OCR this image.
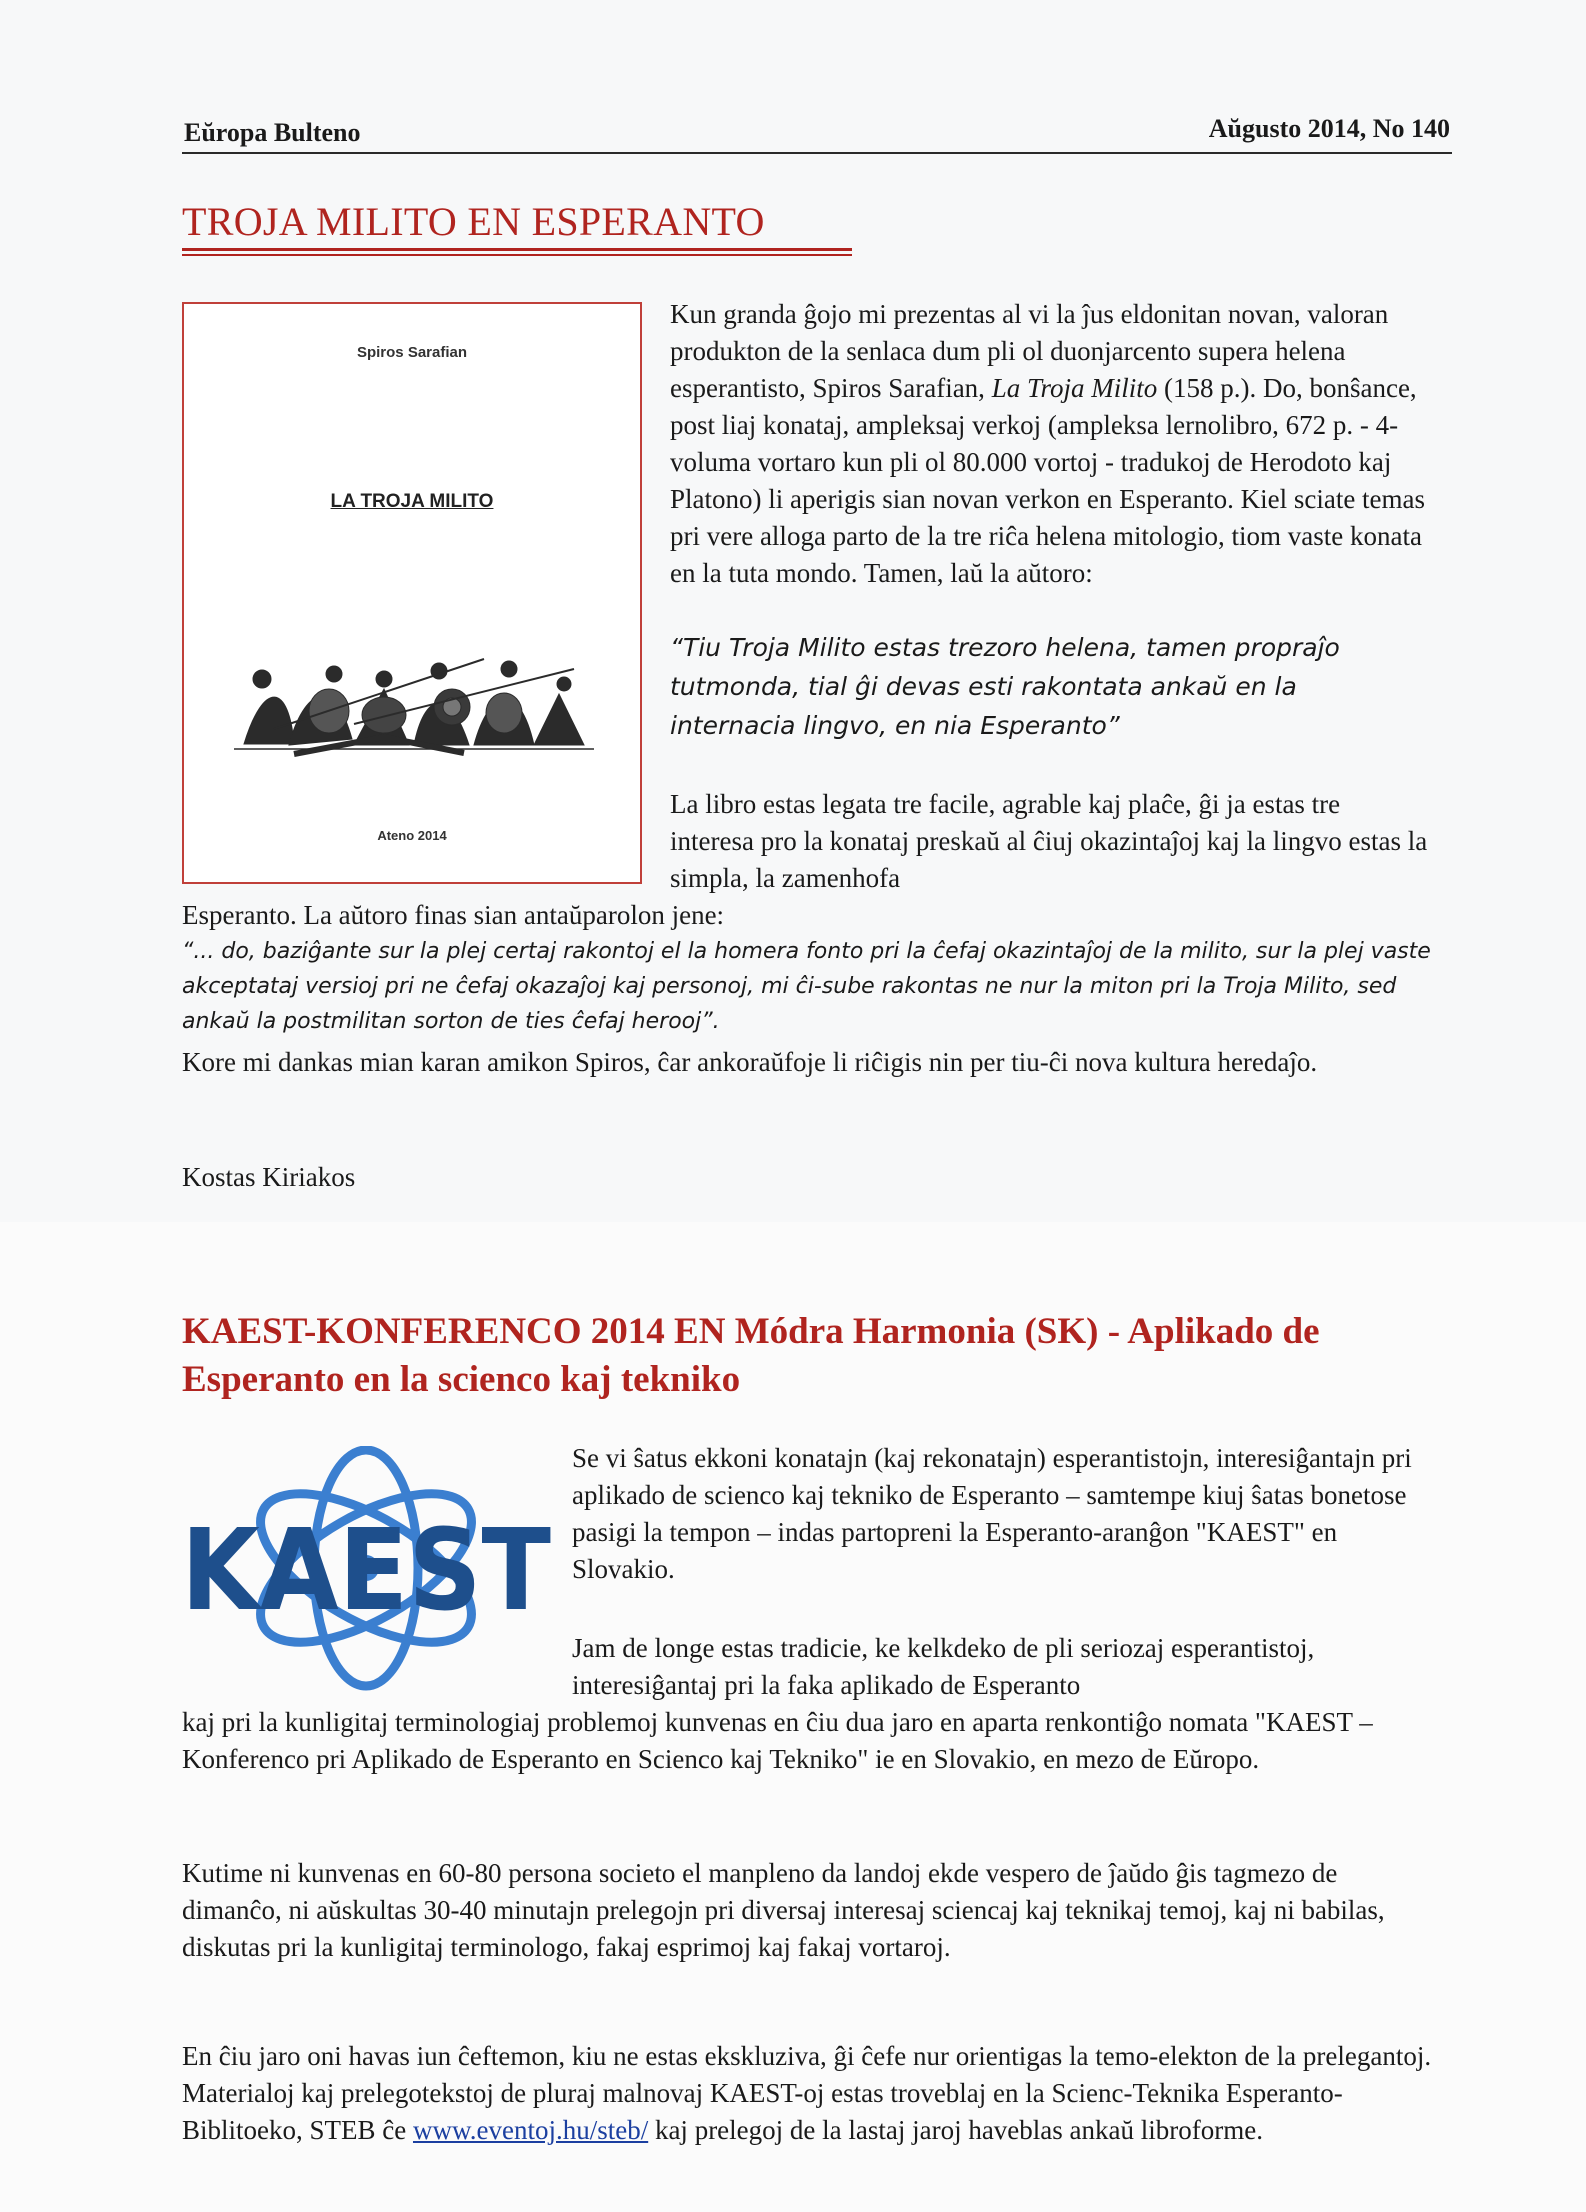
Eŭropa Bulteno	Aŭgusto 2014, No 140
TROJA MILITO EN ESPERANTO
Spiros Sarafian
LA TROJA MILITO
Ateno 2014

Kun granda ĝojo mi prezentas al vi la ĵus eldonitan novan, valoran produkton de la senlaca dum pli ol duonjarcento supera helena esperantisto, Spiros Sarafian, La Troja Milito (158 p.). Do, bonŝance, post liaj konataj, ampleksaj verkoj (ampleksa lernolibro, 672 p. - 4-voluma vortaro kun pli ol 80.000 vortoj - tradukoj de Herodoto kaj Platono) li aperigis sian novan verkon en Esperanto. Kiel sciate temas pri vere alloga parto de la tre riĉa helena mitologio, tiom vaste konata en la tuta mondo. Tamen, laŭ la aŭtoro:

“Tiu Troja Milito estas trezoro helena, tamen propraĵo tutmonda, tial ĝi devas esti rakontata ankaŭ en la internacia lingvo, en nia Esperanto”

La libro estas legata tre facile, agrable kaj plaĉe, ĝi ja estas tre interesa pro la konataj preskaŭ al ĉiuj okazintaĵoj kaj la lingvo estas la simpla, la zamenhofa

Esperanto. La aŭtoro finas sian antaŭparolon jene:

“... do, baziĝante sur la plej certaj rakontoj el la homera fonto pri la ĉefaj okazintaĵoj de la milito, sur la plej vaste akceptataj versioj pri ne ĉefaj okazaĵoj kaj personoj, mi ĉi-sube rakontas ne nur la miton pri la Troja Milito, sed ankaŭ la postmilitan sorton de ties ĉefaj herooj”.

Kore mi dankas mian karan amikon Spiros, ĉar ankoraŭfoje li riĉigis nin per tiu-ĉi nova kultura heredaĵo.

Kostas Kiriakos

KAEST-KONFERENCO 2014 EN Módra Harmonia (SK) - Aplikado de Esperanto en la scienco kaj tekniko
KAEST

Se vi ŝatus ekkoni konatajn (kaj rekonatajn) esperantistojn, interesiĝantajn pri aplikado de scienco kaj tekniko de Esperanto – samtempe kiuj ŝatas bonetose pasigi la tempon – indas partopreni la Esperanto-aranĝon "KAEST" en Slovakio.

Jam de longe estas tradicie, ke kelkdeko de pli seriozaj esperantistoj, interesiĝantaj pri la faka aplikado de Esperanto

kaj pri la kunligitaj terminologiaj problemoj kunvenas en ĉiu dua jaro en aparta renkontiĝo nomata "KAEST – Konferenco pri Aplikado de Esperanto en Scienco kaj Tekniko" ie en Slovakio, en mezo de Eŭropo.

Kutime ni kunvenas en 60-80 persona societo el manpleno da landoj ekde vespero de ĵaŭdo ĝis tagmezo de dimanĉo, ni aŭskultas 30-40 minutajn prelegojn pri diversaj interesaj sciencaj kaj teknikaj temoj, kaj ni babilas, diskutas pri la kunligitaj terminologo, fakaj esprimoj kaj fakaj vortaroj.

En ĉiu jaro oni havas iun ĉeftemon, kiu ne estas ekskluziva, ĝi ĉefe nur orientigas la temo-elekton de la prelegantoj. Materialoj kaj prelegotekstoj de pluraj malnovaj KAEST-oj estas troveblaj en la Scienc-Teknika Esperanto-Biblitoeko, STEB ĉe www.eventoj.hu/steb/ kaj prelegoj de la lastaj jaroj haveblas ankaŭ libroforme.
